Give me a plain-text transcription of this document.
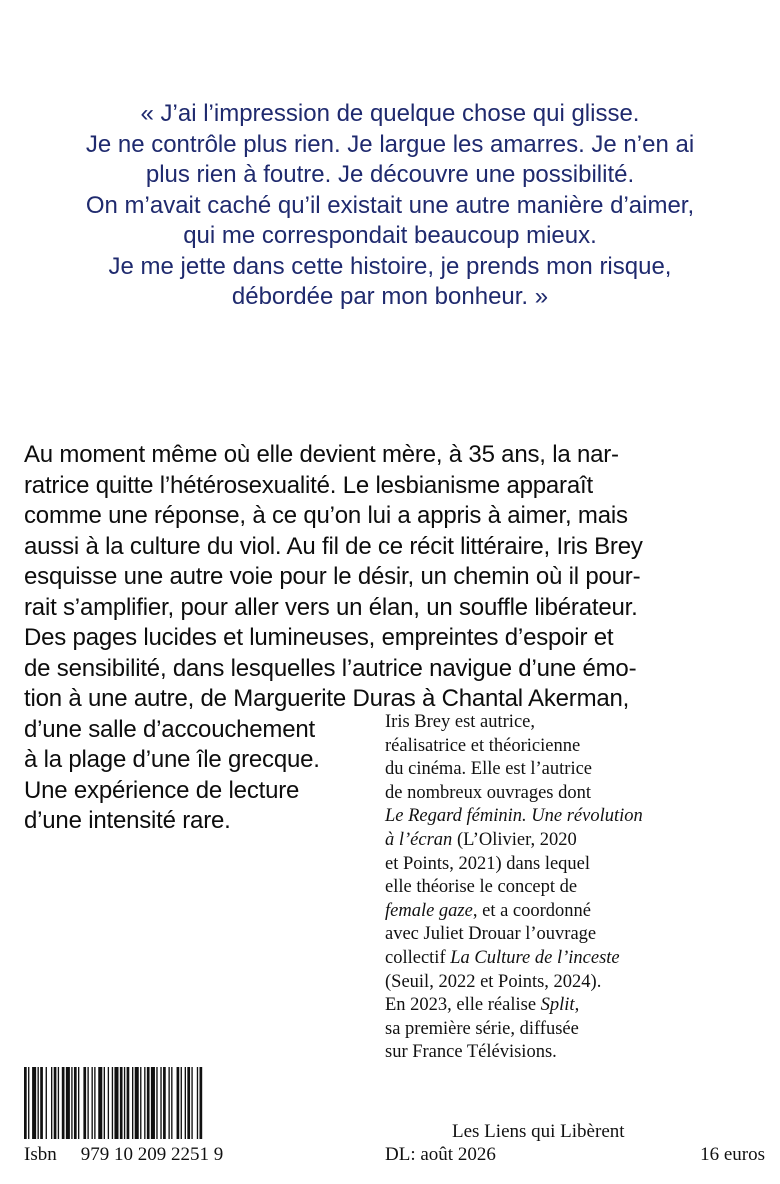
« J’ai l’impression de quelque chose qui glisse.
Je ne contrôle plus rien. Je largue les amarres. Je n’en ai
plus rien à foutre. Je découvre une possibilité.
On m’avait caché qu’il existait une autre manière d’aimer,
qui me correspondait beaucoup mieux.
Je me jette dans cette histoire, je prends mon risque,
débordée par mon bonheur. »
Au moment même où elle devient mère, à 35 ans, la nar-
ratrice quitte l’hétérosexualité. Le lesbianisme apparaît
comme une réponse, à ce qu’on lui a appris à aimer, mais
aussi à la culture du viol. Au fil de ce récit littéraire, Iris Brey
esquisse une autre voie pour le désir, un chemin où il pour-
rait s’amplifier, pour aller vers un élan, un souffle libérateur.
Des pages lucides et lumineuses, empreintes d’espoir et
de sensibilité, dans lesquelles l’autrice navigue d’une émo-
tion à une autre, de Marguerite Duras à Chantal Akerman,
d’une salle d’accouchement
à la plage d’une île grecque.
Une expérience de lecture
d’une intensité rare.
Iris Brey est autrice,
réalisatrice et théoricienne
du cinéma. Elle est l’autrice
de nombreux ouvrages dont
Le Regard féminin. Une révolution
à l’écran (L’Olivier, 2020
et Points, 2021) dans lequel
elle théorise le concept de
female gaze, et a coordonné
avec Juliet Drouar l’ouvrage
collectif La Culture de l’inceste
(Seuil, 2022 et Points, 2024).
En 2023, elle réalise Split,
sa première série, diffusée
sur France Télévisions.
Isbn 979 10 209 2251 9
Les Liens qui Libèrent
DL: août 2026	16 euros
